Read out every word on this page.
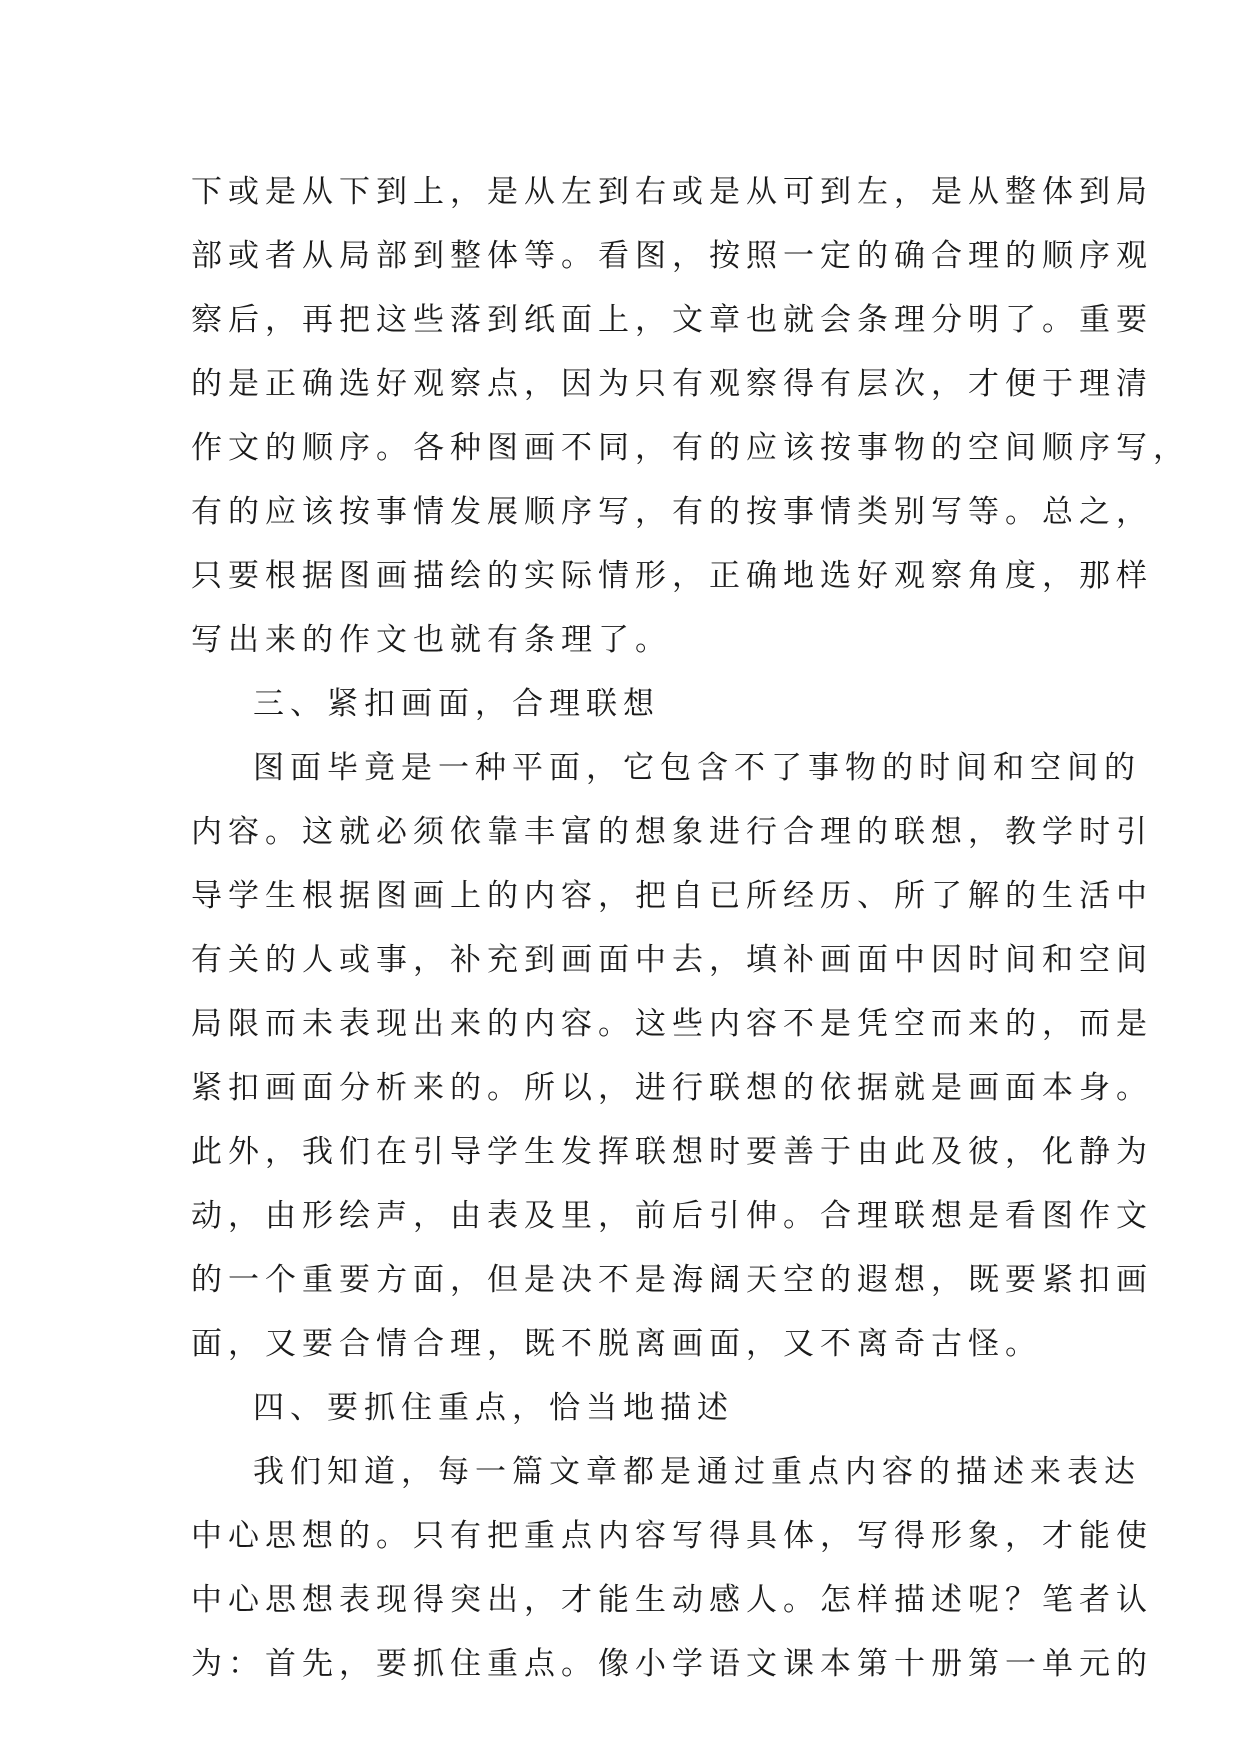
下或是从下到上，是从左到右或是从可到左，是从整体到局
部或者从局部到整体等。看图，按照一定的确合理的顺序观
察后，再把这些落到纸面上，文章也就会条理分明了。重要
的是正确选好观察点，因为只有观察得有层次，才便于理清
作文的顺序。各种图画不同，有的应该按事物的空间顺序写，
有的应该按事情发展顺序写，有的按事情类别写等。总之，
只要根据图画描绘的实际情形，正确地选好观察角度，那样
写出来的作文也就有条理了。
三、紧扣画面，合理联想
图面毕竟是一种平面，它包含不了事物的时间和空间的
内容。这就必须依靠丰富的想象进行合理的联想，教学时引
导学生根据图画上的内容，把自已所经历、所了解的生活中
有关的人或事，补充到画面中去，填补画面中因时间和空间
局限而未表现出来的内容。这些内容不是凭空而来的，而是
紧扣画面分析来的。所以，进行联想的依据就是画面本身。
此外，我们在引导学生发挥联想时要善于由此及彼，化静为
动，由形绘声，由表及里，前后引伸。合理联想是看图作文
的一个重要方面，但是决不是海阔天空的遐想，既要紧扣画
面，又要合情合理，既不脱离画面，又不离奇古怪。
四、要抓住重点，恰当地描述
我们知道，每一篇文章都是通过重点内容的描述来表达
中心思想的。只有把重点内容写得具体，写得形象，才能使
中心思想表现得突出，才能生动感人。怎样描述呢？笔者认
为：首先，要抓住重点。像小学语文课本第十册第一单元的
